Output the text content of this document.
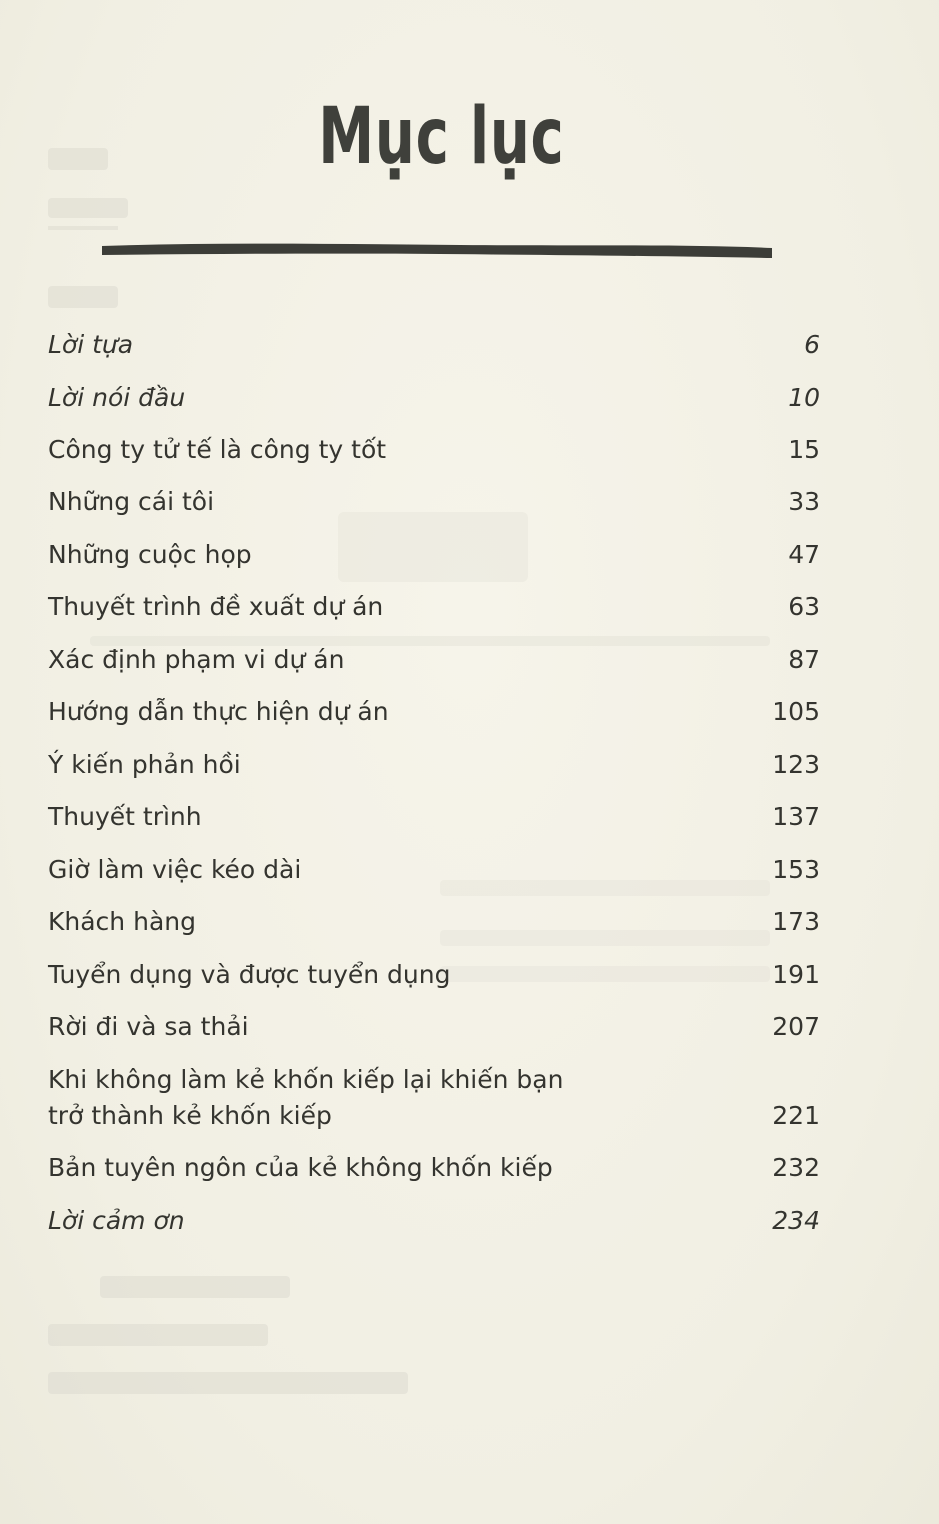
Mục lục
Lời tựa	6
Lời nói đầu	10
Công ty tử tế là công ty tốt	15
Những cái tôi	33
Những cuộc họp	47
Thuyết trình đề xuất dự án	63
Xác định phạm vi dự án	87
Hướng dẫn thực hiện dự án	105
Ý kiến phản hồi	123
Thuyết trình	137
Giờ làm việc kéo dài	153
Khách hàng	173
Tuyển dụng và được tuyển dụng	191
Rời đi và sa thải	207
Khi không làm kẻ khốn kiếp lại khiến bạn
trở thành kẻ khốn kiếp	221
Bản tuyên ngôn của kẻ không khốn kiếp	232
Lời cảm ơn	234
